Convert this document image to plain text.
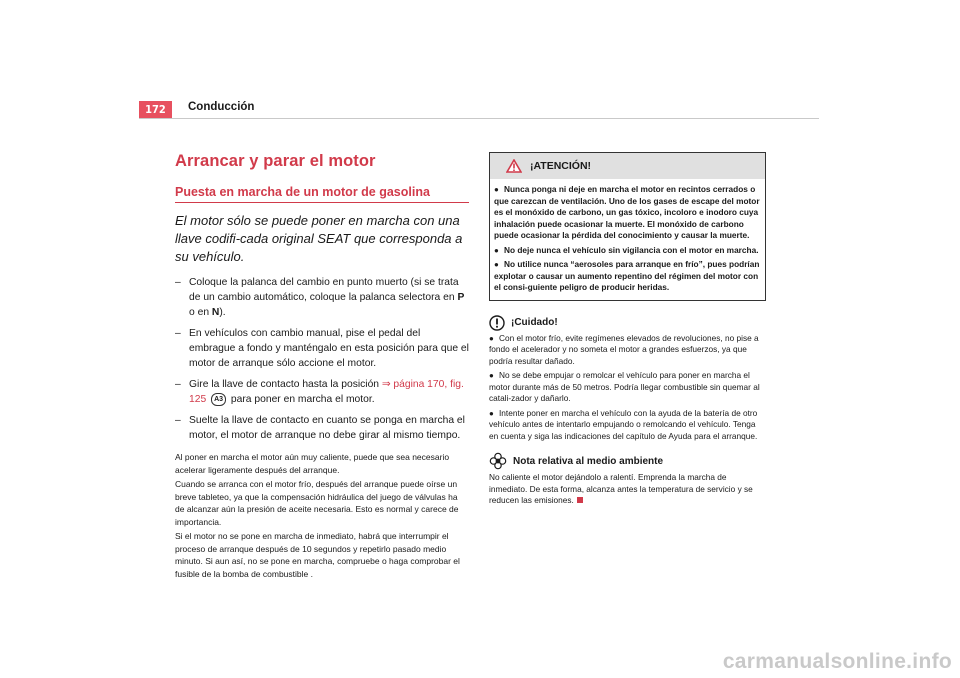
172	Conducción
Arrancar y parar el motor
Puesta en marcha de un motor de gasolina

El motor sólo se puede poner en marcha con una llave codifi-cada original SEAT que corresponda a su vehículo.

– Coloque la palanca del cambio en punto muerto (si se trata de un cambio automático, coloque la palanca selectora en P o en N).
– En vehículos con cambio manual, pise el pedal del embrague a fondo y manténgalo en esta posición para que el motor de arranque sólo accione el motor.
– Gire la llave de contacto hasta la posición ⇒ página 170, fig. 125 A3 para poner en marcha el motor.
– Suelte la llave de contacto en cuanto se ponga en marcha el motor, el motor de arranque no debe girar al mismo tiempo.

Al poner en marcha el motor aún muy caliente, puede que sea necesario acelerar ligeramente después del arranque.

Cuando se arranca con el motor frío, después del arranque puede oírse un breve tableteo, ya que la compensación hidráulica del juego de válvulas ha de alcanzar aún la presión de aceite necesaria. Esto es normal y carece de importancia.

Si el motor no se pone en marcha de inmediato, habrá que interrumpir el proceso de arranque después de 10 segundos y repetirlo pasado medio minuto. Si aun así, no se pone en marcha, compruebe o haga comprobar el fusible de la bomba de combustible .

¡ATENCIÓN!

● Nunca ponga ni deje en marcha el motor en recintos cerrados o que carezcan de ventilación. Uno de los gases de escape del motor es el monóxido de carbono, un gas tóxico, incoloro e inodoro cuya inhalación puede ocasionar la muerte. El monóxido de carbono puede ocasionar la pérdida del conocimiento y causar la muerte.

● No deje nunca el vehículo sin vigilancia con el motor en marcha.

● No utilice nunca “aerosoles para arranque en frío”, pues podrían explotar o causar un aumento repentino del régimen del motor con el consi-guiente peligro de producir heridas.

¡Cuidado!

● Con el motor frío, evite regímenes elevados de revoluciones, no pise a fondo el acelerador y no someta el motor a grandes esfuerzos, ya que podría resultar dañado.

● No se debe empujar o remolcar el vehículo para poner en marcha el motor durante más de 50 metros. Podría llegar combustible sin quemar al catali-zador y dañarlo.

● Intente poner en marcha el vehículo con la ayuda de la batería de otro vehículo antes de intentarlo empujando o remolcando el vehículo. Tenga en cuenta y siga las indicaciones del capítulo de Ayuda para el arranque.

Nota relativa al medio ambiente

No caliente el motor dejándolo a ralentí. Emprenda la marcha de inmediato. De esta forma, alcanza antes la temperatura de servicio y se reducen las emisiones.

carmanualsonline.info
